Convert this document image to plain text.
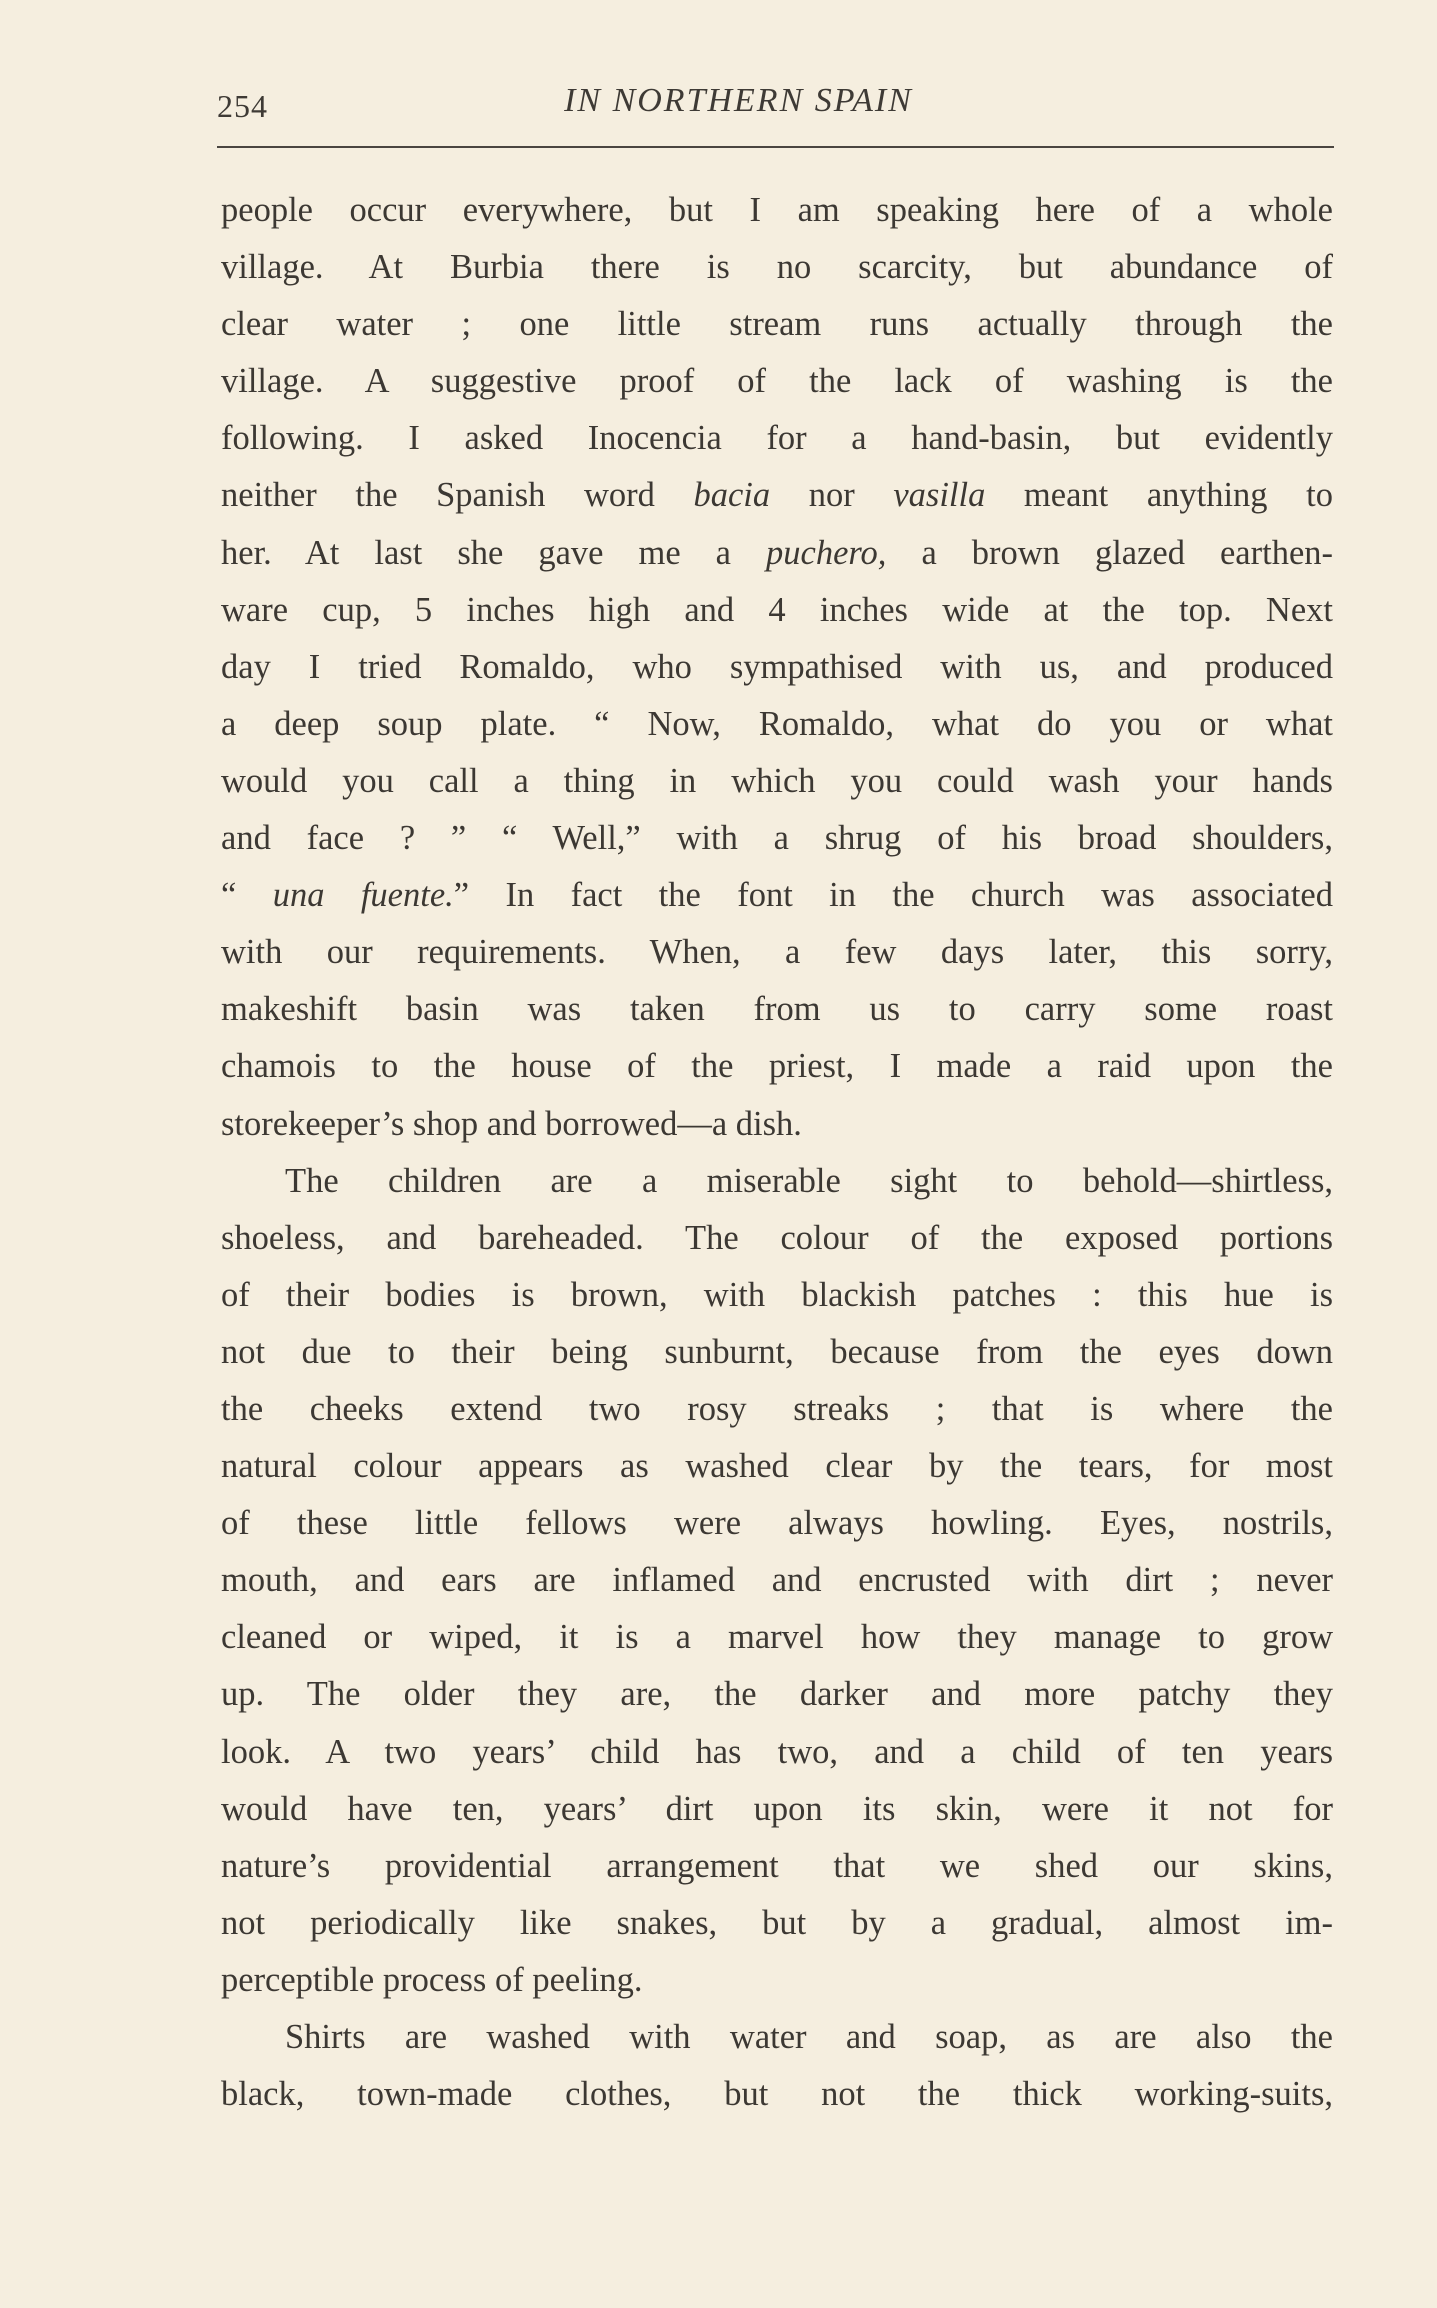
254	IN NORTHERN SPAIN
people occur everywhere, but I am speaking here of a whole
village. At Burbia there is no scarcity, but abundance of
clear water ; one little stream runs actually through the
village. A suggestive proof of the lack of washing is the
following. I asked Inocencia for a hand-basin, but evidently
neither the Spanish word bacia nor vasilla meant anything to
her. At last she gave me a puchero, a brown glazed earthen-
ware cup, 5 inches high and 4 inches wide at the top. Next
day I tried Romaldo, who sympathised with us, and produced
a deep soup plate. “ Now, Romaldo, what do you or what
would you call a thing in which you could wash your hands
and face ? ” “ Well,” with a shrug of his broad shoulders,
“ una fuente.” In fact the font in the church was associated
with our requirements. When, a few days later, this sorry,
makeshift basin was taken from us to carry some roast
chamois to the house of the priest, I made a raid upon the
storekeeper’s shop and borrowed—a dish.
The children are a miserable sight to behold—shirtless,
shoeless, and bareheaded. The colour of the exposed portions
of their bodies is brown, with blackish patches : this hue is
not due to their being sunburnt, because from the eyes down
the cheeks extend two rosy streaks ; that is where the
natural colour appears as washed clear by the tears, for most
of these little fellows were always howling. Eyes, nostrils,
mouth, and ears are inflamed and encrusted with dirt ; never
cleaned or wiped, it is a marvel how they manage to grow
up. The older they are, the darker and more patchy they
look. A two years’ child has two, and a child of ten years
would have ten, years’ dirt upon its skin, were it not for
nature’s providential arrangement that we shed our skins,
not periodically like snakes, but by a gradual, almost im-
perceptible process of peeling.
Shirts are washed with water and soap, as are also the
black, town-made clothes, but not the thick working-suits,
